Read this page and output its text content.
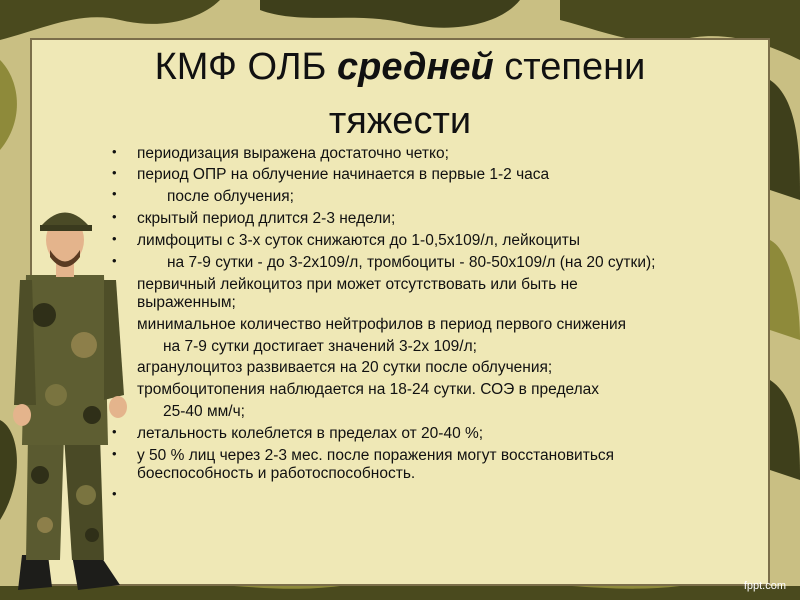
КМФ ОЛБ средней степени
тяжести
• периодизация выражена достаточно четко;
• период ОПР на облучение начинается в первые 1-2 часа
•	после облучения;
• скрытый период длится 2-3 недели;
• лимфоциты с 3-х суток снижаются до 1-0,5х109/л, лейкоциты
•	на 7-9 сутки - до 3-2х109/л, тромбоциты - 80-50х109/л (на 20 сутки);
первичный лейкоцитоз при может отсутствовать или быть не
выраженным;
минимальное количество нейтрофилов в период первого снижения
на 7-9 сутки достигает значений 3-2х 109/л;
агранулоцитоз развивается на 20 сутки после облучения;
тромбоцитопения наблюдается на 18-24 сутки. СОЭ в пределах
25-40 мм/ч;
• летальность колеблется в пределах от 20-40 %;
• у 50 % лиц через 2-3 мес. после поражения могут восстановиться
боеспособность и работоспособность.
•
fppt.com
